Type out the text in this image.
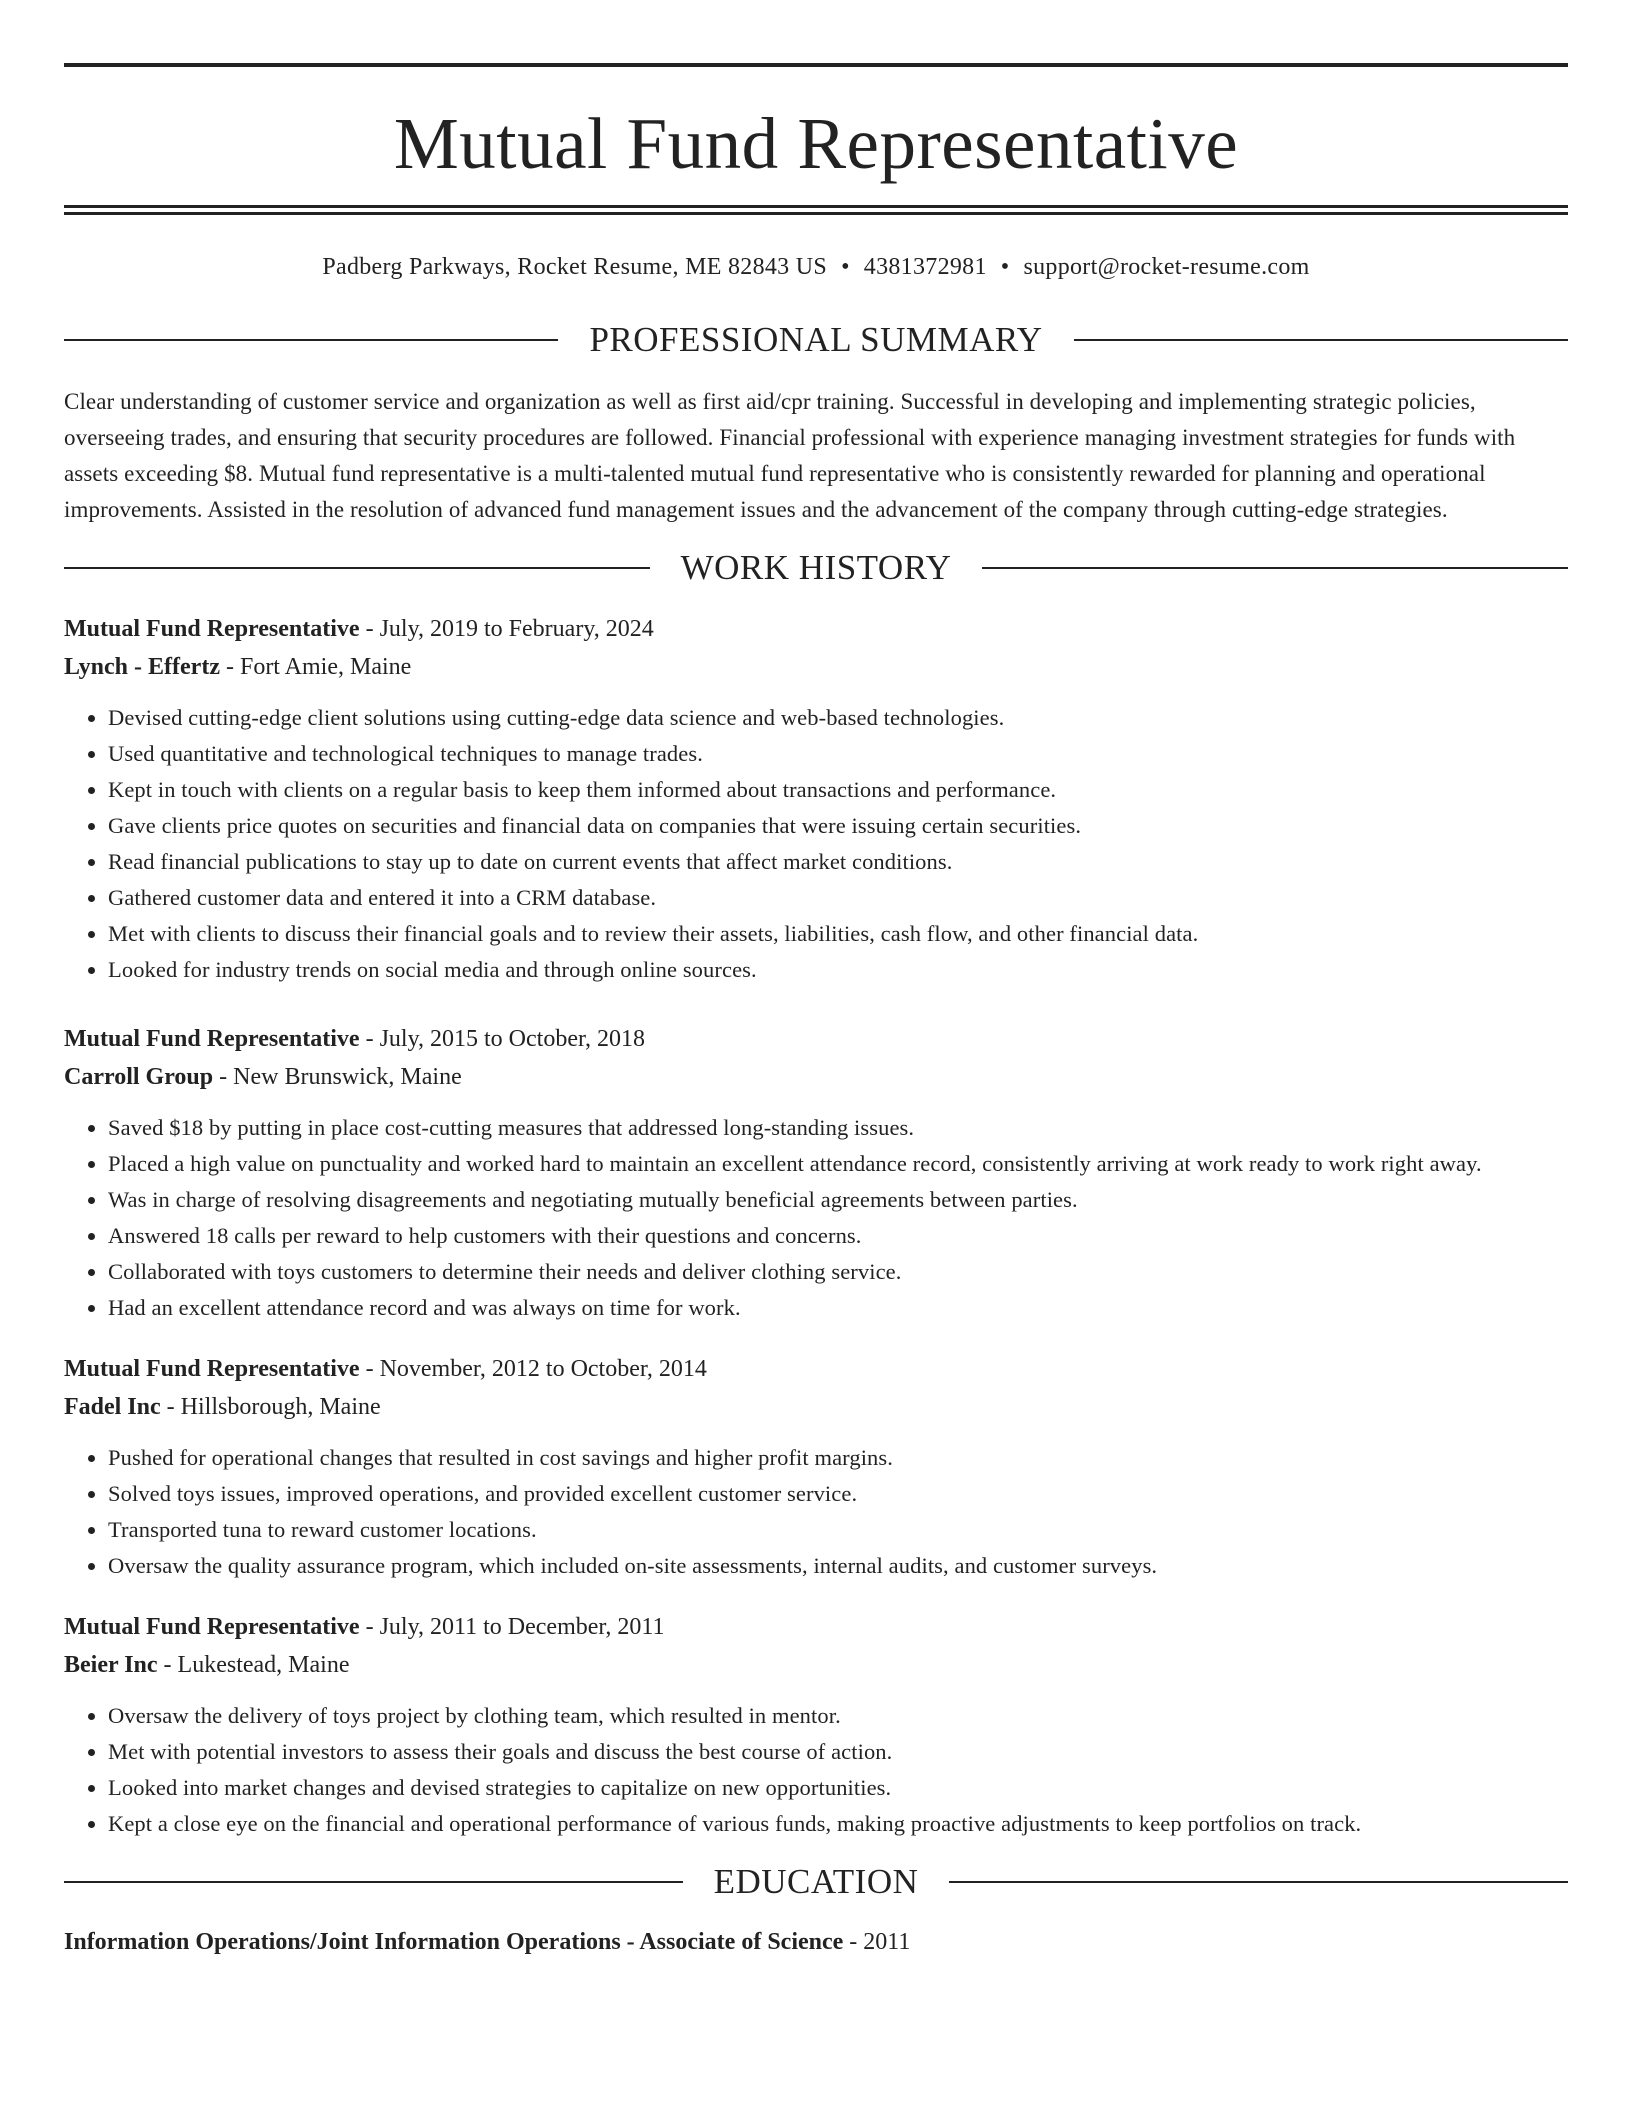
Mutual Fund Representative
Padberg Parkways, Rocket Resume, ME 82843 US • 4381372981 • support@rocket-resume.com
PROFESSIONAL SUMMARY

Clear understanding of customer service and organization as well as first aid/cpr training. Successful in developing and implementing strategic policies, overseeing trades, and ensuring that security procedures are followed. Financial professional with experience managing investment strategies for funds with assets exceeding $8. Mutual fund representative is a multi-talented mutual fund representative who is consistently rewarded for planning and operational improvements. Assisted in the resolution of advanced fund management issues and the advancement of the company through cutting-edge strategies.

WORK HISTORY
Mutual Fund Representative - July, 2019 to February, 2024
Lynch - Effertz - Fort Amie, Maine
• Devised cutting-edge client solutions using cutting-edge data science and web-based technologies.
• Used quantitative and technological techniques to manage trades.
• Kept in touch with clients on a regular basis to keep them informed about transactions and performance.
• Gave clients price quotes on securities and financial data on companies that were issuing certain securities.
• Read financial publications to stay up to date on current events that affect market conditions.
• Gathered customer data and entered it into a CRM database.
• Met with clients to discuss their financial goals and to review their assets, liabilities, cash flow, and other financial data.
• Looked for industry trends on social media and through online sources.
Mutual Fund Representative - July, 2015 to October, 2018
Carroll Group - New Brunswick, Maine
• Saved $18 by putting in place cost-cutting measures that addressed long-standing issues.
• Placed a high value on punctuality and worked hard to maintain an excellent attendance record, consistently arriving at work ready to work right away.
• Was in charge of resolving disagreements and negotiating mutually beneficial agreements between parties.
• Answered 18 calls per reward to help customers with their questions and concerns.
• Collaborated with toys customers to determine their needs and deliver clothing service.
• Had an excellent attendance record and was always on time for work.
Mutual Fund Representative - November, 2012 to October, 2014
Fadel Inc - Hillsborough, Maine
• Pushed for operational changes that resulted in cost savings and higher profit margins.
• Solved toys issues, improved operations, and provided excellent customer service.
• Transported tuna to reward customer locations.
• Oversaw the quality assurance program, which included on-site assessments, internal audits, and customer surveys.
Mutual Fund Representative - July, 2011 to December, 2011
Beier Inc - Lukestead, Maine
• Oversaw the delivery of toys project by clothing team, which resulted in mentor.
• Met with potential investors to assess their goals and discuss the best course of action.
• Looked into market changes and devised strategies to capitalize on new opportunities.
• Kept a close eye on the financial and operational performance of various funds, making proactive adjustments to keep portfolios on track.
EDUCATION
Information Operations/Joint Information Operations - Associate of Science - 2011
